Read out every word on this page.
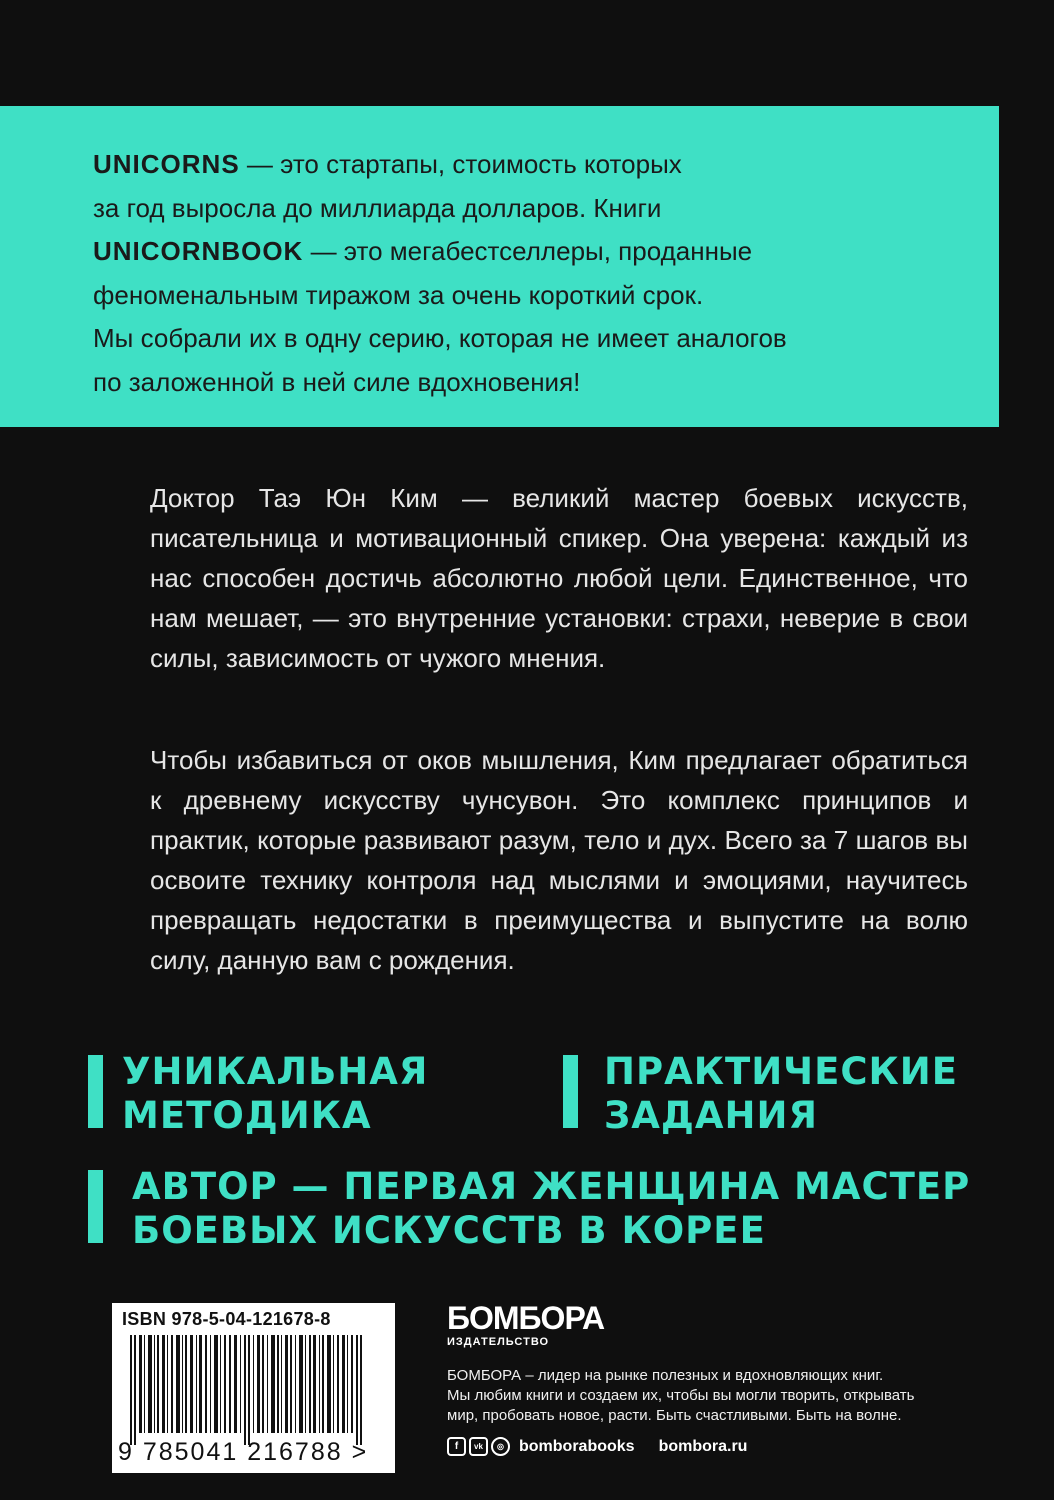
UNICORNS — это стартапы, стоимость которых
за год выросла до миллиарда долларов. Книги
UNICORNBOOK — это мегабестселлеры, проданные
феноменальным тиражом за очень короткий срок.
Мы собрали их в одну серию, которая не имеет аналогов
по заложенной в ней силе вдохновения!

Доктор Таэ Юн Ким — великий мастер боевых искусств, писательница и мотивационный спикер. Она уверена: каждый из нас способен достичь абсолютно любой цели. Единственное, что нам мешает, — это внутренние установки: страхи, неверие в свои силы, зависимость от чужого мнения.

Чтобы избавиться от оков мышления, Ким предлагает обратиться к древнему искусству чунсувон. Это комплекс принципов и практик, которые развивают разум, тело и дух. Всего за 7 шагов вы освоите технику контроля над мыслями и эмоциями, научитесь превращать недостатки в преимущества и выпустите на волю силу, данную вам с рождения.

УНИКАЛЬНАЯ
МЕТОДИКА
ПРАКТИЧЕСКИЕ
ЗАДАНИЯ
АВТОР — ПЕРВАЯ ЖЕНЩИНА МАСТЕР
БОЕВЫХ ИСКУССТВ В КОРЕЕ
ISBN 978-5-04-121678-8
9 785041 216788 >
БОМБОРА
ИЗДАТЕЛЬСТВО
БОМБОРА – лидер на рынке полезных и вдохновляющих книг.
Мы любим книги и создаем их, чтобы вы могли творить, открывать
мир, пробовать новое, расти. Быть счастливыми. Быть на волне.
f	vk	◎ bomborabooks bombora.ru
